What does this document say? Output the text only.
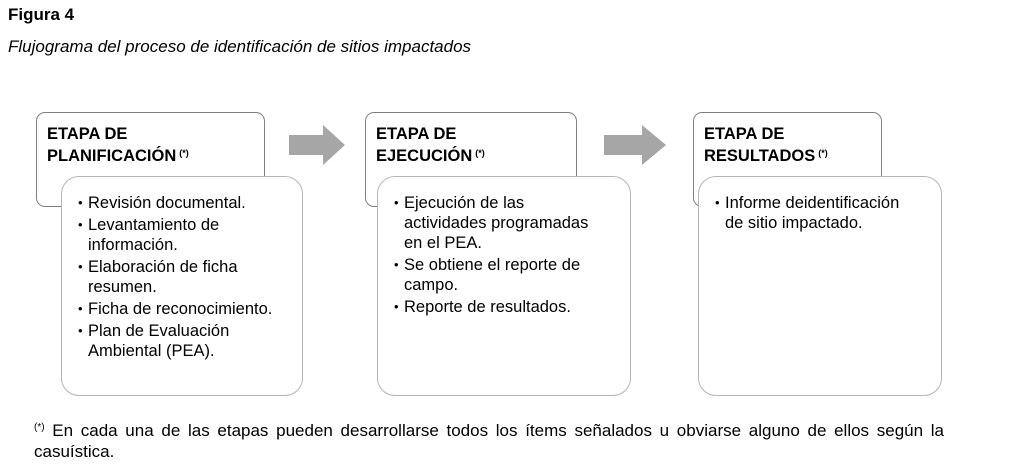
Figura 4
Flujograma del proceso de identificación de sitios impactados
ETAPA DE
PLANIFICACIÓN (*)
• Revisión documental.
• Levantamiento de información.
• Elaboración de ficha resumen.
• Ficha de reconocimiento.
• Plan de Evaluación Ambiental (PEA).
ETAPA DE
EJECUCIÓN (*)
• Ejecución de las actividades programadas en el PEA.
• Se obtiene el reporte de campo.
• Reporte de resultados.
ETAPA DE
RESULTADOS (*)
• Informe deidentificación de sitio impactado.
(*) En cada una de las etapas pueden desarrollarse todos los ítems señalados u obviarse alguno de ellos según la casuística.
